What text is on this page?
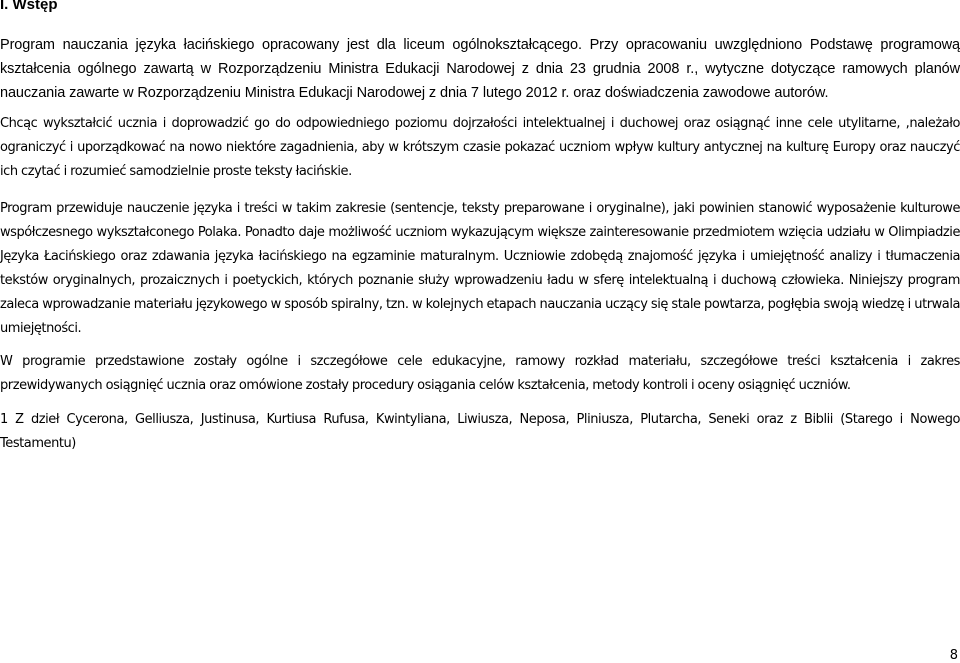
I. Wstęp

Program nauczania języka łacińskiego opracowany jest dla liceum ogólnokształcącego. Przy opracowaniu uwzględniono Podstawę programową kształcenia ogólnego zawartą w Rozporządzeniu Ministra Edukacji Narodowej z dnia 23 grudnia 2008 r., wytyczne dotyczące ramowych planów nauczania zawarte w Rozporządzeniu Ministra Edukacji Narodowej z dnia 7 lutego 2012 r. oraz doświadczenia zawodowe autorów.

Chcąc wykształcić ucznia i doprowadzić go do odpowiedniego poziomu dojrzałości intelektualnej i duchowej oraz osiągnąć inne cele utylitarne, ,należało ograniczyć i uporządkować na nowo niektóre zagadnienia, aby w krótszym czasie pokazać uczniom wpływ kultury antycznej na kulturę Europy oraz nauczyć ich czytać i rozumieć samodzielnie proste teksty łacińskie.

Program przewiduje nauczenie języka i treści w takim zakresie (sentencje, teksty preparowane i oryginalne), jaki powinien stanowić wyposażenie kulturowe współczesnego wykształconego Polaka. Ponadto daje możliwość uczniom wykazującym większe zainteresowanie przedmiotem wzięcia udziału w Olimpiadzie Języka Łacińskiego oraz zdawania języka łacińskiego na egzaminie maturalnym. Uczniowie zdobędą znajomość języka i umiejętność analizy i tłumaczenia tekstów oryginalnych, prozaicznych i poetyckich, których poznanie służy wprowadzeniu ładu w sferę intelektualną i duchową człowieka. Niniejszy program zaleca wprowadzanie materiału językowego w sposób spiralny, tzn. w kolejnych etapach nauczania uczący się stale powtarza, pogłębia swoją wiedzę i utrwala umiejętności.

W programie przedstawione zostały ogólne i szczegółowe cele edukacyjne, ramowy rozkład materiału, szczegółowe treści kształcenia i zakres przewidywanych osiągnięć ucznia oraz omówione zostały procedury osiągania celów kształcenia, metody kontroli i oceny osiągnięć uczniów.

1 Z dzieł Cycerona, Gelliusza, Justinusa, Kurtiusa Rufusa, Kwintyliana, Liwiusza, Neposa, Pliniusza, Plutarcha, Seneki oraz z Biblii (Starego i Nowego Testamentu)

8
